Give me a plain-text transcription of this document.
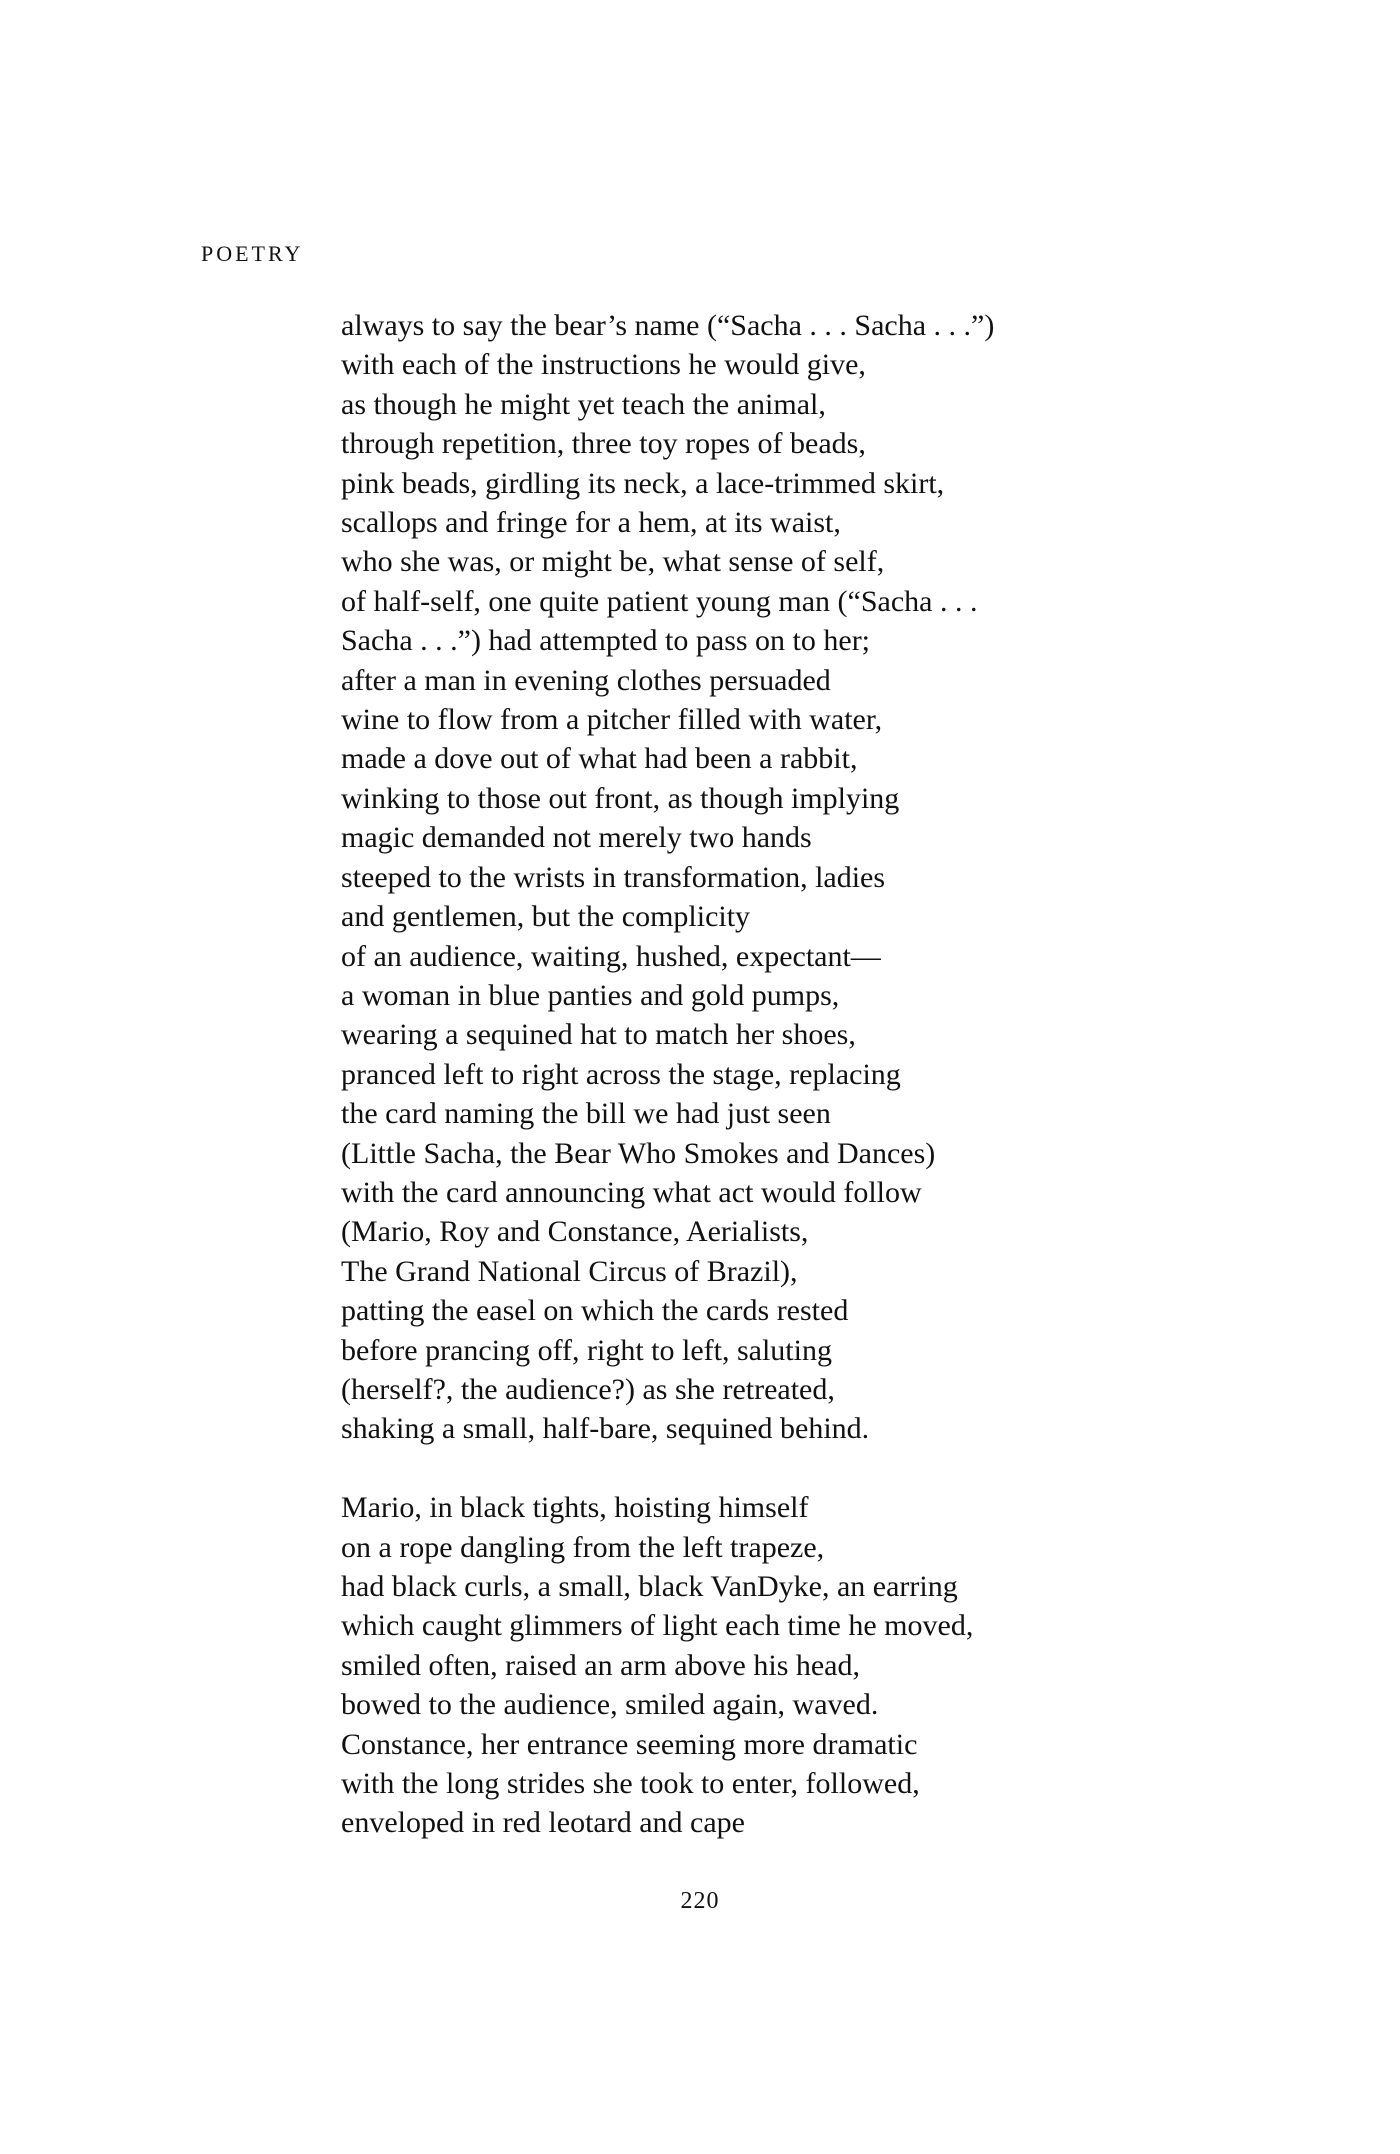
POETRY
always to say the bear’s name (“Sacha . . . Sacha . . .”)
with each of the instructions he would give,
as though he might yet teach the animal,
through repetition, three toy ropes of beads,
pink beads, girdling its neck, a lace-trimmed skirt,
scallops and fringe for a hem, at its waist,
who she was, or might be, what sense of self,
of half-self, one quite patient young man (“Sacha . . .
Sacha . . .”) had attempted to pass on to her;
after a man in evening clothes persuaded
wine to flow from a pitcher filled with water,
made a dove out of what had been a rabbit,
winking to those out front, as though implying
magic demanded not merely two hands
steeped to the wrists in transformation, ladies
and gentlemen, but the complicity
of an audience, waiting, hushed, expectant—
a woman in blue panties and gold pumps,
wearing a sequined hat to match her shoes,
pranced left to right across the stage, replacing
the card naming the bill we had just seen
(Little Sacha, the Bear Who Smokes and Dances)
with the card announcing what act would follow
(Mario, Roy and Constance, Aerialists,
The Grand National Circus of Brazil),
patting the easel on which the cards rested
before prancing off, right to left, saluting
(herself?, the audience?) as she retreated,
shaking a small, half-bare, sequined behind.
Mario, in black tights, hoisting himself
on a rope dangling from the left trapeze,
had black curls, a small, black VanDyke, an earring
which caught glimmers of light each time he moved,
smiled often, raised an arm above his head,
bowed to the audience, smiled again, waved.
Constance, her entrance seeming more dramatic
with the long strides she took to enter, followed,
enveloped in red leotard and cape
220
